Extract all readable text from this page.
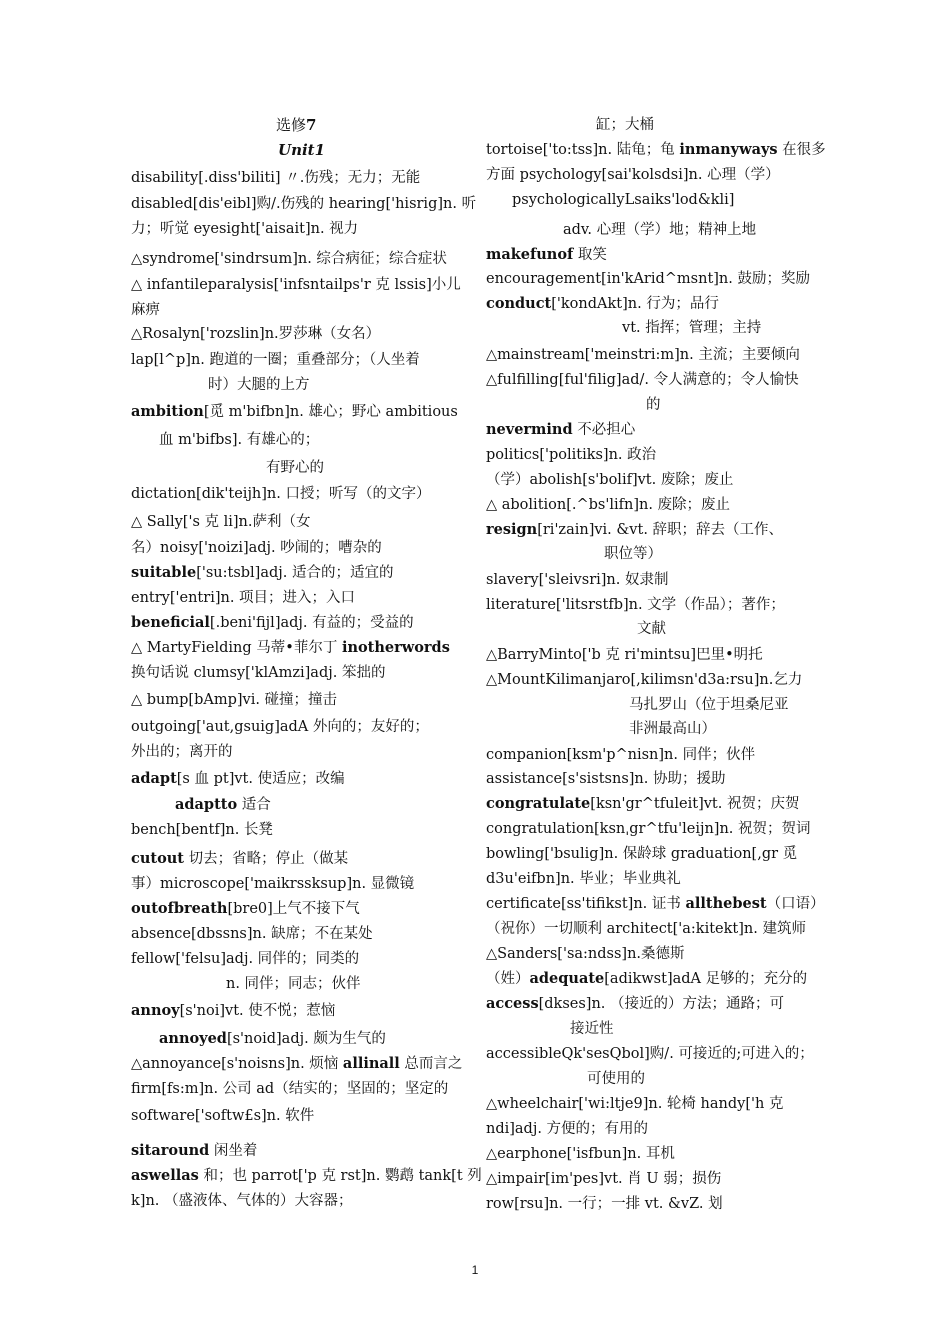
选修7
Unit1
disability[.diss'biliti] 〃.伤残；无力；无能
disabled[dis'eibl]购/.伤残的 hearing['hisrig]n. 听
力；听觉 eyesight['aisait]n. 视力
△syndrome['sindrsum]n. 综合病征；综合症状
△ infantileparalysis['infsntailps'r 克 lssis]小儿
麻痹
△Rosalyn['rozslin]n.罗莎琳（女名）
lap[l^p]n. 跑道的一圈；重叠部分；（人坐着
时）大腿的上方
ambition[觅 m'bifbn]n. 雄心；野心 ambitious
血 m'bifbs]. 有雄心的；
有野心的
dictation[dik'teijh]n. 口授；听写（的文字）
△ Sally['s 克 li]n.萨利（女
名）noisy['noizi]adj. 吵闹的；嘈杂的
suitable['su:tsbl]adj. 适合的；适宜的
entry['entri]n. 项目；进入；入口
beneficial[.beni'fijl]adj. 有益的；受益的
△ MartyFielding 马蒂•菲尔丁 inotherwords
换句话说 clumsy['klAmzi]adj. 笨拙的
△ bump[bAmp]vi. 碰撞；撞击
outgoing['aut,gsuig]adA 外向的；友好的；
外出的；离开的
adapt[s 血 pt]vt. 使适应；改编
adaptto 适合
bench[bentf]n. 长凳
cutout 切去；省略；停止（做某
事）microscope['maikrssksup]n. 显微镜
outofbreath[bre0]上气不接下气
absence[dbssns]n. 缺席；不在某处
fellow['felsu]adj. 同伴的；同类的
n. 同伴；同志；伙伴
annoy[s'noi]vt. 使不悦；惹恼
annoyed[s'noid]adj. 颇为生气的
△annoyance[s'noisns]n. 烦恼 allinall 总而言之
firm[fs:m]n. 公司 ad（结实的；坚固的；坚定的
software['softw£s]n. 软件
sitaround 闲坐着
aswellas 和；也 parrot['p 克 rst]n. 鹦鹉 tank[t 列
k]n. （盛液体、气体的）大容器；
缸；大桶
tortoise['to:tss]n. 陆龟；龟 inmanyways 在很多
方面 psychology[sai'kolsdsi]n. 心理（学）
psychologicallyLsaiks'lod&kli]
adv. 心理（学）地；精神上地
makefunof 取笑
encouragement[in'kArid^msnt]n. 鼓励；奖励
conduct['kondAkt]n. 行为；品行
vt. 指挥；管理；主持
△mainstream['meinstri:m]n. 主流；主要倾向
△fulfilling[ful'filig]ad/. 令人满意的；令人愉快
的
nevermind 不必担心
politics['politiks]n. 政治
（学）abolish[s'bolif]vt. 废除；废止
△ abolition[.^bs'lifn]n. 废除；废止
resign[ri'zain]vi. &vt. 辞职；辞去（工作、
职位等）
slavery['sleivsri]n. 奴隶制
literature['litsrstfb]n. 文学（作品）；著作；
文献
△BarryMinto['b 克 ri'mintsu]巴里•明托
△MountKilimanjaro[,kilimsn'd3a:rsu]n.乞力
马扎罗山（位于坦桑尼亚
非洲最高山）
companion[ksm'p^nisn]n. 同伴；伙伴
assistance[s'sistsns]n. 协助；援助
congratulate[ksn'gr^tfuleit]vt. 祝贺；庆贺
congratulation[ksnˌgr^tfu'leijn]n. 祝贺；贺词
bowling['bsulig]n. 保龄球 graduation[,gr 觅
d3u'eifbn]n. 毕业；毕业典礼
certificate[ss'tifikst]n. 证书 allthebest（口语）
（祝你）一切顺利 architect['a:kitekt]n. 建筑师
△Sanders['sa:ndss]n.桑德斯
（姓）adequate[adikwst]adA 足够的；充分的
access[dkses]n. （接近的）方法；通路；可
接近性
accessibleQk'sesQbol]购/. 可接近的;可进入的；
可使用的
△wheelchair['wi:ltje9]n. 轮椅 handy['h 克
ndi]adj. 方便的；有用的
△earphone['isfbun]n. 耳机
△impair[im'pes]vt. 肖 U 弱；损伤
row[rsu]n. 一行；一排 vt. &vZ. 划
1
